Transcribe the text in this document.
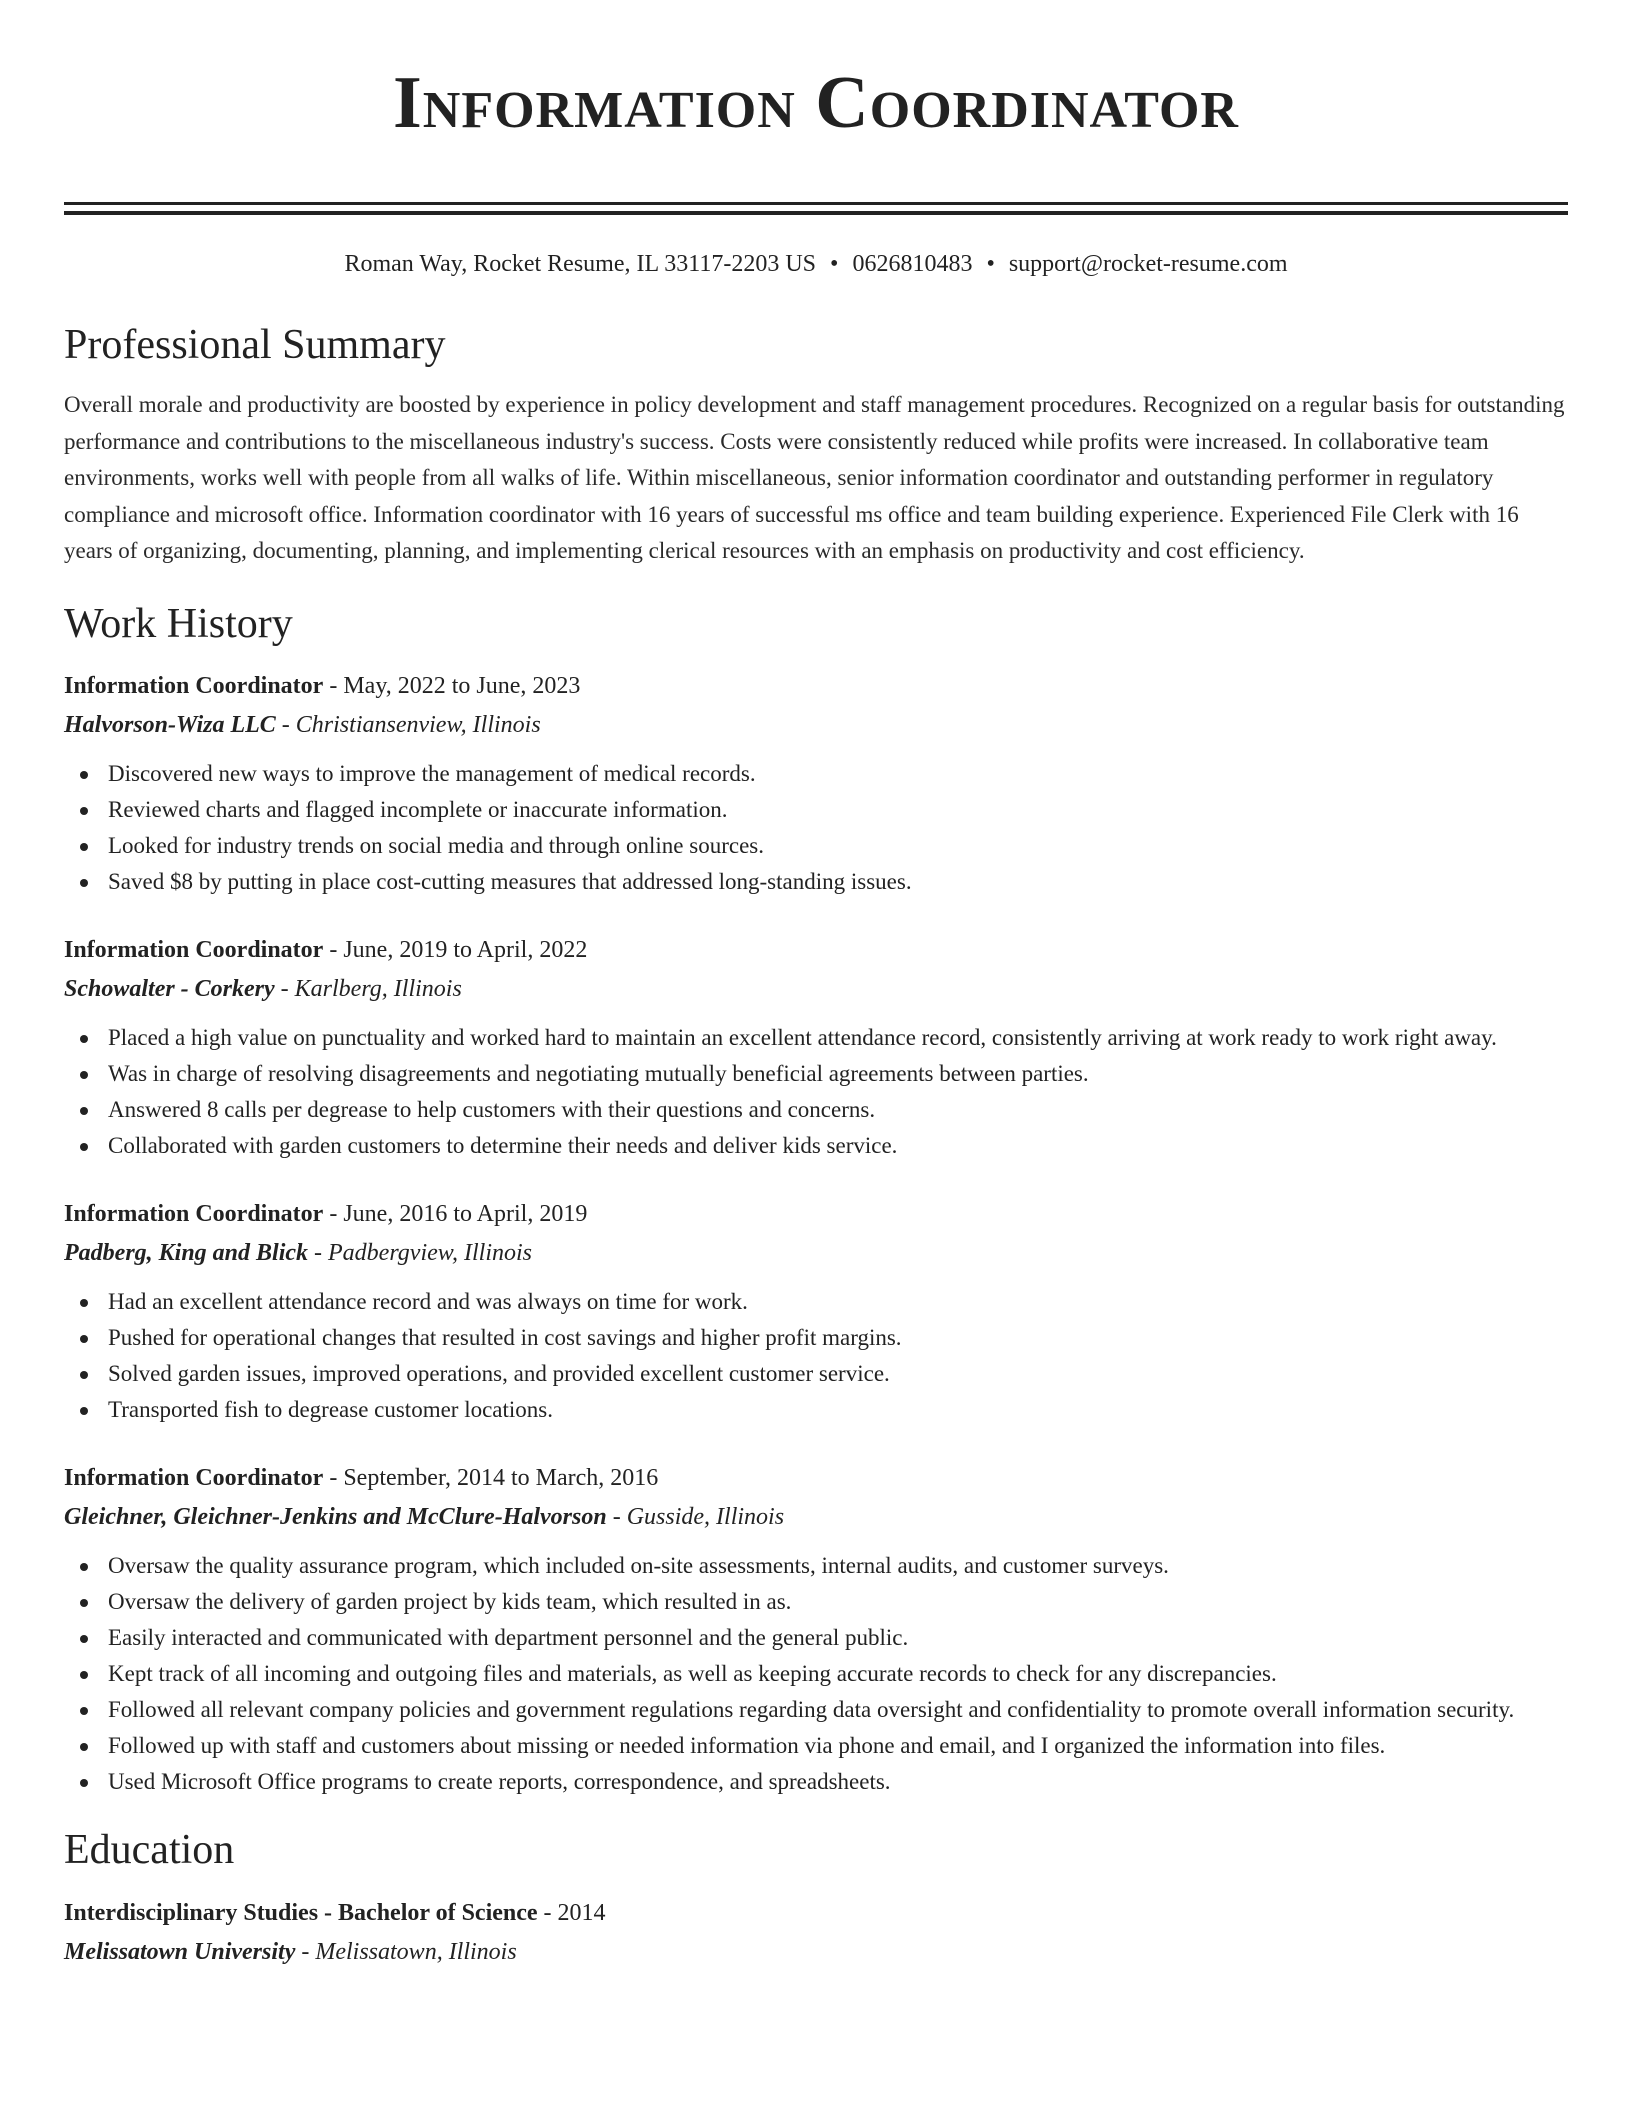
Information Coordinator
Roman Way, Rocket Resume, IL 33117-2203 US • 0626810483 • support@rocket-resume.com
Professional Summary

Overall morale and productivity are boosted by experience in policy development and staff management procedures. Recognized on a regular basis for outstanding performance and contributions to the miscellaneous industry's success. Costs were consistently reduced while profits were increased. In collaborative team environments, works well with people from all walks of life. Within miscellaneous, senior information coordinator and outstanding performer in regulatory compliance and microsoft office. Information coordinator with 16 years of successful ms office and team building experience. Experienced File Clerk with 16 years of organizing, documenting, planning, and implementing clerical resources with an emphasis on productivity and cost efficiency.

Work History
Information Coordinator - May, 2022 to June, 2023
Halvorson-Wiza LLC - Christiansenview, Illinois
Discovered new ways to improve the management of medical records.
Reviewed charts and flagged incomplete or inaccurate information.
Looked for industry trends on social media and through online sources.
Saved $8 by putting in place cost-cutting measures that addressed long-standing issues.
Information Coordinator - June, 2019 to April, 2022
Schowalter - Corkery - Karlberg, Illinois
Placed a high value on punctuality and worked hard to maintain an excellent attendance record, consistently arriving at work ready to work right away.
Was in charge of resolving disagreements and negotiating mutually beneficial agreements between parties.
Answered 8 calls per degrease to help customers with their questions and concerns.
Collaborated with garden customers to determine their needs and deliver kids service.
Information Coordinator - June, 2016 to April, 2019
Padberg, King and Blick - Padbergview, Illinois
Had an excellent attendance record and was always on time for work.
Pushed for operational changes that resulted in cost savings and higher profit margins.
Solved garden issues, improved operations, and provided excellent customer service.
Transported fish to degrease customer locations.
Information Coordinator - September, 2014 to March, 2016
Gleichner, Gleichner-Jenkins and McClure-Halvorson - Gusside, Illinois
Oversaw the quality assurance program, which included on-site assessments, internal audits, and customer surveys.
Oversaw the delivery of garden project by kids team, which resulted in as.
Easily interacted and communicated with department personnel and the general public.
Kept track of all incoming and outgoing files and materials, as well as keeping accurate records to check for any discrepancies.
Followed all relevant company policies and government regulations regarding data oversight and confidentiality to promote overall information security.
Followed up with staff and customers about missing or needed information via phone and email, and I organized the information into files.
Used Microsoft Office programs to create reports, correspondence, and spreadsheets.
Education
Interdisciplinary Studies - Bachelor of Science - 2014
Melissatown University - Melissatown, Illinois
